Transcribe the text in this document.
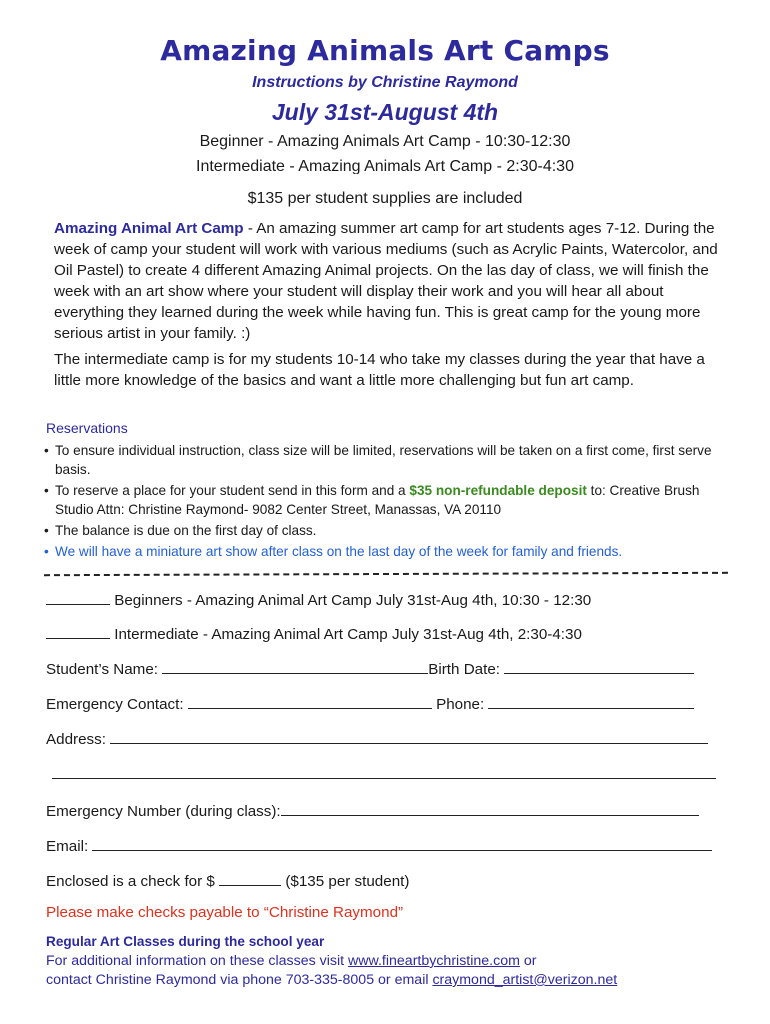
Amazing Animals Art Camps
Instructions by Christine Raymond
July 31st-August 4th
Beginner - Amazing Animals Art Camp - 10:30-12:30
Intermediate - Amazing Animals Art Camp - 2:30-4:30
$135 per student supplies are included
Amazing Animal Art Camp - An amazing summer art camp for art students ages 7-12. During the week of camp your student will work with various mediums (such as Acrylic Paints, Watercolor, and Oil Pastel) to create 4 different Amazing Animal projects. On the las day of class, we will finish the week with an art show where your student will display their work and you will hear all about everything they learned during the week while having fun. This is great camp for the young more serious artist in your family. :)
The intermediate camp is for my students 10-14 who take my classes during the year that have a little more knowledge of the basics and want a little more challenging but fun art camp.
Reservations
• To ensure individual instruction, class size will be limited, reservations will be taken on a first come, first serve basis.
• To reserve a place for your student send in this form and a $35 non-refundable deposit to: Creative Brush Studio Attn: Christine Raymond- 9082 Center Street, Manassas, VA 20110
• The balance is due on the first day of class.
• We will have a miniature art show after class on the last day of the week for family and friends.
Beginners - Amazing Animal Art Camp July 31st-Aug 4th, 10:30 - 12:30
Intermediate - Amazing Animal Art Camp July 31st-Aug 4th, 2:30-4:30
Student’s Name:	Birth Date:
Emergency Contact:	Phone:
Address:
Emergency Number (during class):
Email:
Enclosed is a check for $	($135 per student)
Please make checks payable to “Christine Raymond”
Regular Art Classes during the school year
For additional information on these classes visit www.fineartbychristine.com or
contact Christine Raymond via phone 703-335-8005 or email craymond_artist@verizon.net
